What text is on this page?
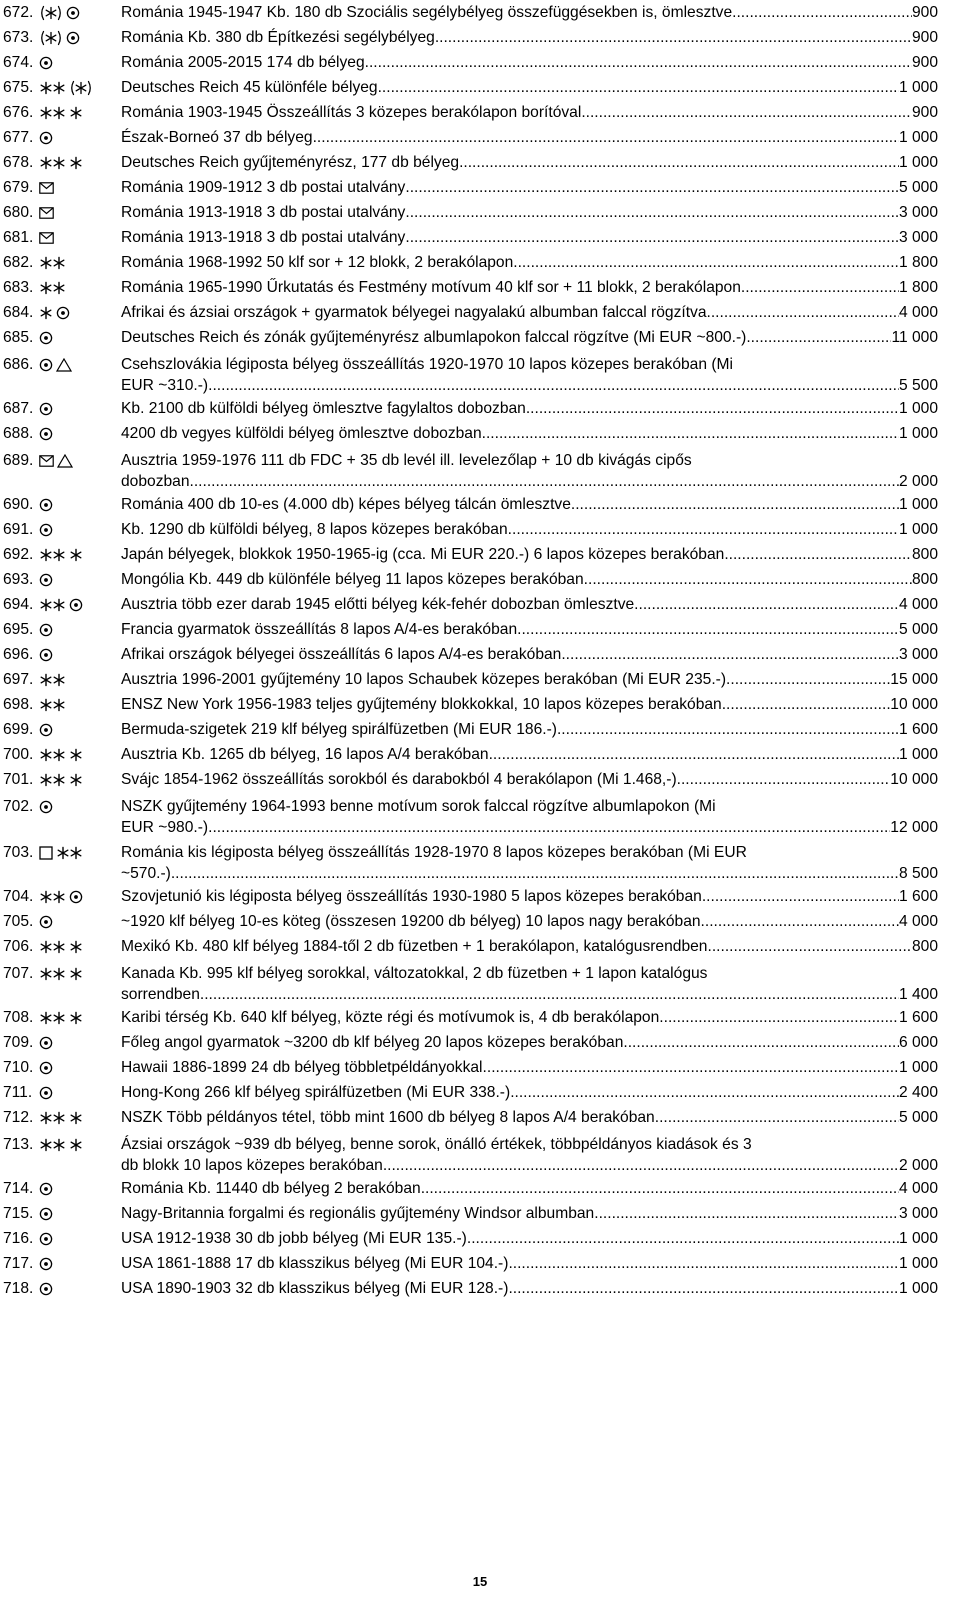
672.	Románia 1945-1947 Kb. 180 db Szociális segélybélyeg összefüggésekben is, ömlesztve .....	900
673.	Románia Kb. 380 db Építkezési segélybélyeg .....	900
674.	Románia 2005-2015 174 db bélyeg .....	900
675.	Deutsches Reich 45 különféle bélyeg .....	1 000
676.	Románia 1903-1945 Összeállítás 3 közepes berakólapon borítóval .....	900
677.	Észak-Borneó 37 db bélyeg .....	1 000
678.	Deutsches Reich gyűjteményrész, 177 db bélyeg .....	1 000
679.	Románia 1909-1912 3 db postai utalvány .....	5 000
680.	Románia 1913-1918 3 db postai utalvány .....	3 000
681.	Románia 1913-1918 3 db postai utalvány .....	3 000
682.	Románia 1968-1992 50 klf sor + 12 blokk, 2 berakólapon .....	1 800
683.	Románia 1965-1990 Űrkutatás és Festmény motívum 40 klf sor + 11 blokk, 2 berakólapon .....	1 800
684.	Afrikai és ázsiai országok + gyarmatok bélyegei nagyalakú albumban falccal rögzítva .....	4 000
685.	Deutsches Reich és zónák gyűjteményrész albumlapokon falccal rögzítve (Mi EUR ~800.-). .....	11 000
686.	Csehszlovákia légiposta bélyeg összeállítás 1920-1970 10 lapos közepes berakóban (Mi
EUR ~310.-) .....	5 500
687.	Kb. 2100 db külföldi bélyeg ömlesztve fagylaltos dobozban .....	1 000
688.	4200 db vegyes külföldi bélyeg ömlesztve dobozban .....	1 000
689.	Ausztria 1959-1976 111 db FDC + 35 db levél ill. levelezőlap + 10 db kivágás cipős
dobozban .....	2 000
690.	Románia 400 db 10-es (4.000 db) képes bélyeg tálcán ömlesztve .....	1 000
691.	Kb. 1290 db külföldi bélyeg, 8 lapos közepes berakóban .....	1 000
692.	Japán bélyegek, blokkok 1950-1965-ig (cca. Mi EUR 220.-) 6 lapos közepes berakóban .....	800
693.	Mongólia Kb. 449 db különféle bélyeg 11 lapos közepes berakóban .....	800
694.	Ausztria több ezer darab 1945 előtti bélyeg kék-fehér dobozban ömlesztve .....	4 000
695.	Francia gyarmatok összeállítás 8 lapos A/4-es berakóban .....	5 000
696.	Afrikai országok bélyegei összeállítás 6 lapos A/4-es berakóban .....	3 000
697.	Ausztria 1996-2001 gyűjtemény 10 lapos Schaubek közepes berakóban (Mi EUR 235.-) .....	15 000
698.	ENSZ New York 1956-1983 teljes gyűjtemény blokkokkal, 10 lapos közepes berakóban .....	10 000
699.	Bermuda-szigetek 219 klf bélyeg spirálfüzetben (Mi EUR 186.-) .....	1 600
700.	Ausztria Kb. 1265 db bélyeg, 16 lapos A/4 berakóban .....	1 000
701.	Svájc 1854-1962 összeállítás sorokból és darabokból 4 berakólapon (Mi 1.468,-) .....	10 000
702.	NSZK gyűjtemény 1964-1993 benne motívum sorok falccal rögzítve albumlapokon (Mi
EUR ~980.-) .....	12 000
703.	Románia kis légiposta bélyeg összeállítás 1928-1970 8 lapos közepes berakóban (Mi EUR
~570.-) .....	8 500
704.	Szovjetunió kis légiposta bélyeg összeállítás 1930-1980 5 lapos közepes berakóban .....	1 600
705.	~1920 klf bélyeg 10-es köteg (összesen 19200 db bélyeg) 10 lapos nagy berakóban .....	4 000
706.	Mexikó Kb. 480 klf bélyeg 1884-től 2 db füzetben + 1 berakólapon, katalógusrendben .....	800
707.	Kanada Kb. 995 klf bélyeg sorokkal, változatokkal, 2 db füzetben + 1 lapon katalógus
sorrendben .....	1 400
708.	Karibi térség Kb. 640 klf bélyeg, közte régi és motívumok is, 4 db berakólapon .....	1 600
709.	Főleg angol gyarmatok ~3200 db klf bélyeg 20 lapos közepes berakóban .....	6 000
710.	Hawaii 1886-1899 24 db bélyeg többletpéldányokkal .....	1 000
711.	Hong-Kong 266 klf bélyeg spirálfüzetben (Mi EUR 338.-) .....	2 400
712.	NSZK Több példányos tétel, több mint 1600 db bélyeg 8 lapos A/4 berakóban .....	5 000
713.	Ázsiai országok ~939 db bélyeg, benne sorok, önálló értékek, többpéldányos kiadások és 3
db blokk 10 lapos közepes berakóban .....	2 000
714.	Románia Kb. 11440 db bélyeg 2 berakóban .....	4 000
715.	Nagy-Britannia forgalmi és regionális gyűjtemény Windsor albumban .....	3 000
716.	USA 1912-1938 30 db jobb bélyeg (Mi EUR 135.-) .....	1 000
717.	USA 1861-1888 17 db klasszikus bélyeg (Mi EUR 104.-) .....	1 000
718.	USA 1890-1903 32 db klasszikus bélyeg (Mi EUR 128.-) .....	1 000
15
